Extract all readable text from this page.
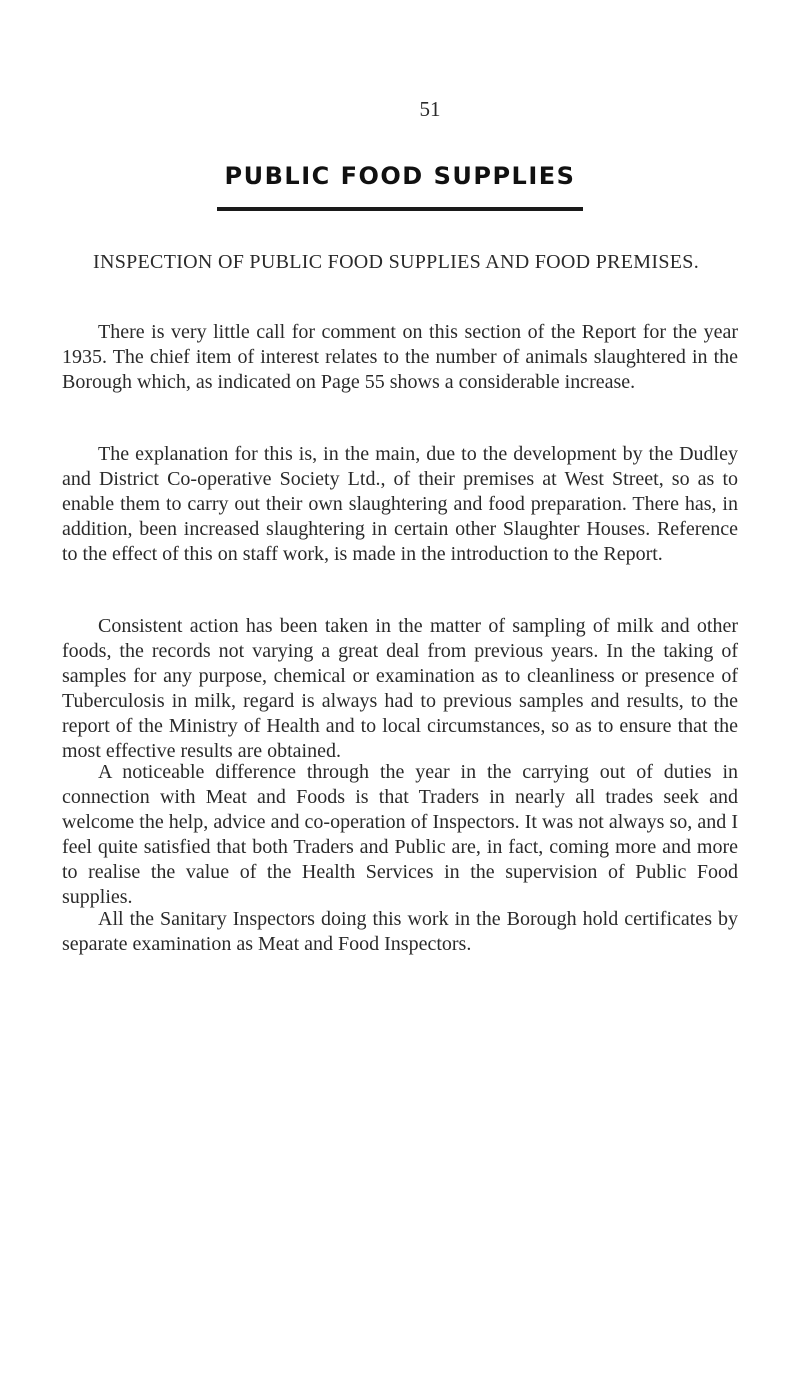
51
PUBLIC FOOD SUPPLIES
INSPECTION OF PUBLIC FOOD SUPPLIES AND FOOD PREMISES.

There is very little call for comment on this section of the Report for the year 1935. The chief item of interest relates to the number of animals slaughtered in the Borough which, as indicated on Page 55 shows a considerable increase.

The explanation for this is, in the main, due to the development by the Dudley and District Co-operative Society Ltd., of their premises at West Street, so as to enable them to carry out their own slaughtering and food preparation. There has, in addition, been increased slaughtering in certain other Slaughter Houses. Reference to the effect of this on staff work, is made in the introduction to the Report.

Consistent action has been taken in the matter of sampling of milk and other foods, the records not varying a great deal from previous years. In the taking of samples for any purpose, chemical or examination as to cleanliness or presence of Tuberculosis in milk, regard is always had to previous samples and results, to the report of the Ministry of Health and to local circumstances, so as to ensure that the most effective results are obtained.

A noticeable difference through the year in the carrying out of duties in connection with Meat and Foods is that Traders in nearly all trades seek and welcome the help, advice and co-operation of Inspectors. It was not always so, and I feel quite satisfied that both Traders and Public are, in fact, coming more and more to realise the value of the Health Services in the supervision of Public Food supplies.

All the Sanitary Inspectors doing this work in the Borough hold certificates by separate examination as Meat and Food Inspectors.
